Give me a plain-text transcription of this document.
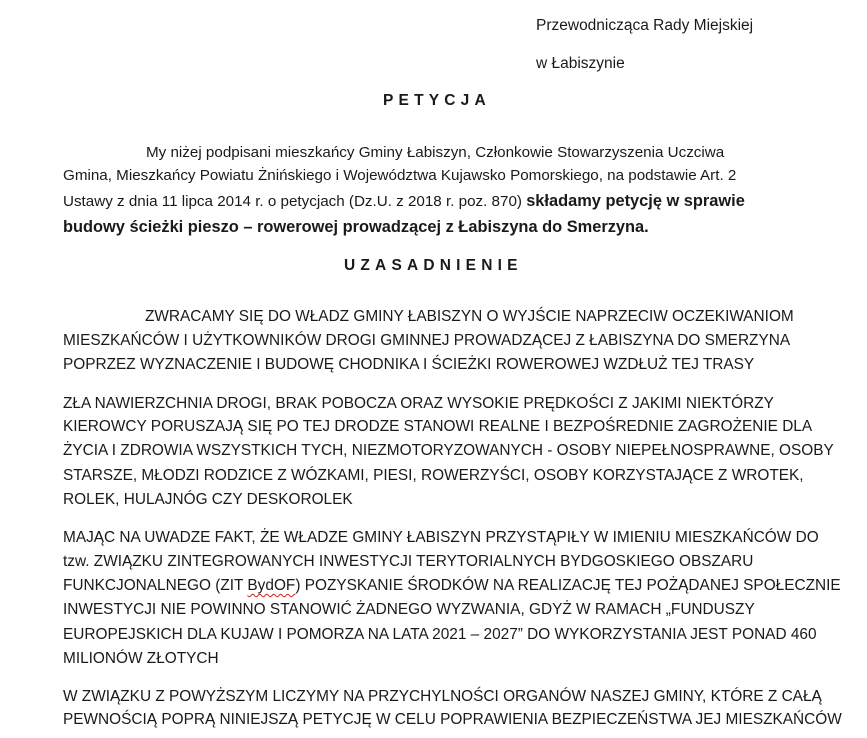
Przewodnicząca Rady Miejskiej
w Łabiszynie
PETYCJA
My niżej podpisani mieszkańcy Gminy Łabiszyn, Członkowie Stowarzyszenia Uczciwa
Gmina, Mieszkańcy Powiatu Żnińskiego i Województwa Kujawsko Pomorskiego, na podstawie Art. 2
Ustawy z dnia 11 lipca 2014 r. o petycjach (Dz.U. z 2018 r. poz. 870) składamy petycję w sprawie
budowy ścieżki pieszo – rowerowej prowadzącej z Łabiszyna do Smerzyna.
UZASADNIENIE
ZWRACAMY SIĘ DO WŁADZ GMINY ŁABISZYN O WYJŚCIE NAPRZECIW OCZEKIWANIOM
MIESZKAŃCÓW I UŻYTKOWNIKÓW DROGI GMINNEJ PROWADZĄCEJ Z ŁABISZYNA DO SMERZYNA
POPRZEZ WYZNACZENIE I BUDOWĘ CHODNIKA I ŚCIEŻKI ROWEROWEJ WZDŁUŻ TEJ TRASY
ZŁA NAWIERZCHNIA DROGI, BRAK POBOCZA ORAZ WYSOKIE PRĘDKOŚCI Z JAKIMI NIEKTÓRZY
KIEROWCY PORUSZAJĄ SIĘ PO TEJ DRODZE STANOWI REALNE I BEZPOŚREDNIE ZAGROŻENIE DLA
ŻYCIA I ZDROWIA WSZYSTKICH TYCH, NIEZMOTORYZOWANYCH - OSOBY NIEPEŁNOSPRAWNE, OSOBY
STARSZE, MŁODZI RODZICE Z WÓZKAMI, PIESI, ROWERZYŚCI, OSOBY KORZYSTAJĄCE Z WROTEK,
ROLEK, HULAJNÓG CZY DESKOROLEK
MAJĄC NA UWADZE FAKT, ŻE WŁADZE GMINY ŁABISZYN PRZYSTĄPIŁY W IMIENIU MIESZKAŃCÓW DO
tzw. ZWIĄZKU ZINTEGROWANYCH INWESTYCJI TERYTORIALNYCH BYDGOSKIEGO OBSZARU
FUNKCJONALNEGO (ZIT BydOF) POZYSKANIE ŚRODKÓW NA REALIZACJĘ TEJ POŻĄDANEJ SPOŁECZNIE
INWESTYCJI NIE POWINNO STANOWIĆ ŻADNEGO WYZWANIA, GDYŻ W RAMACH „FUNDUSZY
EUROPEJSKICH DLA KUJAW I POMORZA NA LATA 2021 – 2027” DO WYKORZYSTANIA JEST PONAD 460
MILIONÓW ZŁOTYCH
W ZWIĄZKU Z POWYŻSZYM LICZYMY NA PRZYCHYLNOŚCI ORGANÓW NASZEJ GMINY, KTÓRE Z CAŁĄ
PEWNOŚCIĄ POPRĄ NINIEJSZĄ PETYCJĘ W CELU POPRAWIENIA BEZPIECZEŃSTWA JEJ MIESZKAŃCÓW
